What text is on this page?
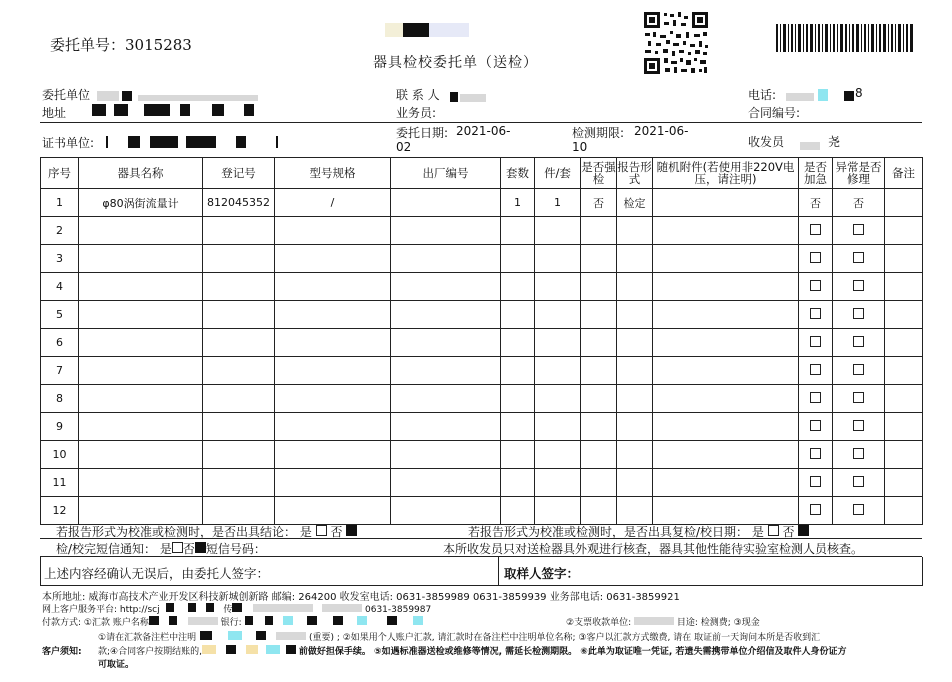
委托单号：3015283
器具检校委托单（送检）
委托单位
地址
证书单位:
联 系 人
业务员:
委托日期: 2021-06-
02
检测期限: 2021-06-
10
电话:	8
合同编号:
收发员	尧
序号	器具名称	登记号	型号规格	出厂编号	套数	件/套	是否强检	报告形式	随机附件(若使用非220V电压，请注明)	是否加急	异常是否修理	备注
1	φ80涡街流量计	812045352	/		1	1	否	检定		否	否	
2												
3												
4												
5												
6												
7												
8												
9												
10												
11												
12												
若报告形式为校准或检测时，是否出具结论： 是 否	若报告形式为校准或检测时，是否出具复检/校日期： 是 否
检/校完短信通知： 是 否 短信号码：	本所收发员只对送检器具外观进行核查，器具其他性能待实验室检测人员核查。
上述内容经确认无误后，由委托人签字：	取样人签字：
本所地址: 威海市高技术产业开发区科技新城创新路 邮编: 264200 收发室电话: 0631-3859989 0631-3859939 业务部电话: 0631-3859921
网上客户服务平台: http://scj	传	0631-3859987
付款方式: ①汇款 账户名称	银行:	②支票收款单位:	目途: 检测费; ③现金
客户须知:
①请在汇款备注栏中注明	(重要) ; ②如果用个人账户汇款, 请汇款时在备注栏中注明单位名称; ③客户以汇款方式缴费, 请在 取证前一天询问本所是否收到汇
款;④合同客户按期结账的,	前做好担保手续。 ⑤如遇标准器送检或维修等情况, 需延长检测期限。 ⑥此单为取证唯一凭证, 若遗失需携带单位介绍信及取件人身份证方
可取证。
